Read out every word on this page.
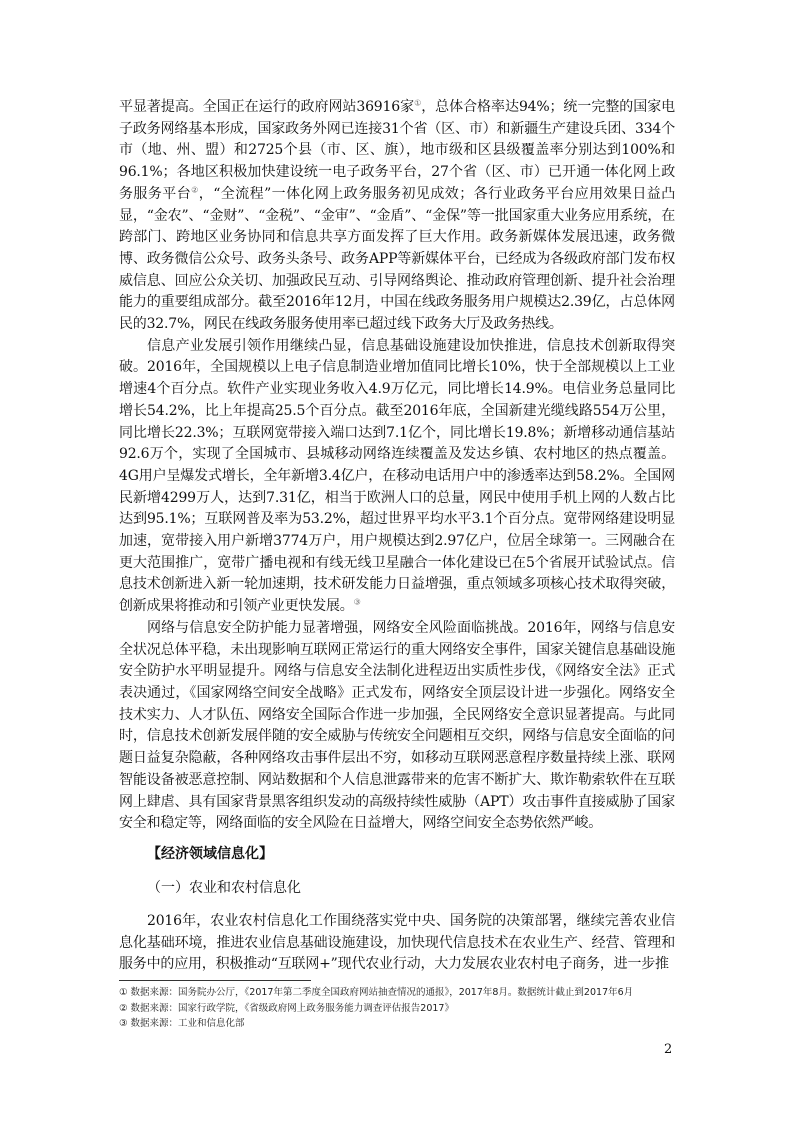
平显著提高。全国正在运行的政府网站36916家①，总体合格率达94%；统一完整的国家电子政务网络基本形成，国家政务外网已连接31个省（区、市）和新疆生产建设兵团、334个市（地、州、盟）和2725个县（市、区、旗），地市级和区县级覆盖率分别达到100%和96.1%；各地区积极加快建设统一电子政务平台，27个省（区、市）已开通一体化网上政务服务平台②，“全流程”一体化网上政务服务初见成效；各行业政务平台应用效果日益凸显，“金农”、“金财”、“金税”、“金审”、“金盾”、“金保”等一批国家重大业务应用系统，在跨部门、跨地区业务协同和信息共享方面发挥了巨大作用。政务新媒体发展迅速，政务微博、政务微信公众号、政务头条号、政务APP等新媒体平台，已经成为各级政府部门发布权威信息、回应公众关切、加强政民互动、引导网络舆论、推动政府管理创新、提升社会治理能力的重要组成部分。截至2016年12月，中国在线政务服务用户规模达2.39亿，占总体网民的32.7%，网民在线政务服务使用率已超过线下政务大厅及政务热线。

信息产业发展引领作用继续凸显，信息基础设施建设加快推进，信息技术创新取得突破。2016年，全国规模以上电子信息制造业增加值同比增长10%，快于全部规模以上工业增速4个百分点。软件产业实现业务收入4.9万亿元，同比增长14.9%。电信业务总量同比增长54.2%，比上年提高25.5个百分点。截至2016年底，全国新建光缆线路554万公里，同比增长22.3%；互联网宽带接入端口达到7.1亿个，同比增长19.8%；新增移动通信基站92.6万个，实现了全国城市、县城移动网络连续覆盖及发达乡镇、农村地区的热点覆盖。4G用户呈爆发式增长，全年新增3.4亿户，在移动电话用户中的渗透率达到58.2%。全国网民新增4299万人，达到7.31亿，相当于欧洲人口的总量，网民中使用手机上网的人数占比达到95.1%；互联网普及率为53.2%，超过世界平均水平3.1个百分点。宽带网络建设明显加速，宽带接入用户新增3774万户，用户规模达到2.97亿户，位居全球第一。三网融合在更大范围推广，宽带广播电视和有线无线卫星融合一体化建设已在5个省展开试验试点。信息技术创新进入新一轮加速期，技术研发能力日益增强，重点领域多项核心技术取得突破，创新成果将推动和引领产业更快发展。③

网络与信息安全防护能力显著增强，网络安全风险面临挑战。2016年，网络与信息安全状况总体平稳，未出现影响互联网正常运行的重大网络安全事件，国家关键信息基础设施安全防护水平明显提升。网络与信息安全法制化进程迈出实质性步伐，《网络安全法》正式表决通过，《国家网络空间安全战略》正式发布，网络安全顶层设计进一步强化。网络安全技术实力、人才队伍、网络安全国际合作进一步加强，全民网络安全意识显著提高。与此同时，信息技术创新发展伴随的安全威胁与传统安全问题相互交织，网络与信息安全面临的问题日益复杂隐蔽，各种网络攻击事件层出不穷，如移动互联网恶意程序数量持续上涨、联网智能设备被恶意控制、网站数据和个人信息泄露带来的危害不断扩大、欺诈勒索软件在互联网上肆虐、具有国家背景黑客组织发动的高级持续性威胁（APT）攻击事件直接威胁了国家安全和稳定等，网络面临的安全风险在日益增大，网络空间安全态势依然严峻。

【经济领域信息化】
（一）农业和农村信息化

2016年，农业农村信息化工作围绕落实党中央、国务院的决策部署，继续完善农业信息化基础环境，推进农业信息基础设施建设，加快现代信息技术在农业生产、经营、管理和服务中的应用，积极推动“互联网+”现代农业行动，大力发展农业农村电子商务，进一步推

① 数据来源：国务院办公厅，《2017年第二季度全国政府网站抽查情况的通报》，2017年8月。数据统计截止到2017年6月
② 数据来源：国家行政学院，《省级政府网上政务服务能力调查评估报告2017》
③ 数据来源：工业和信息化部
2
